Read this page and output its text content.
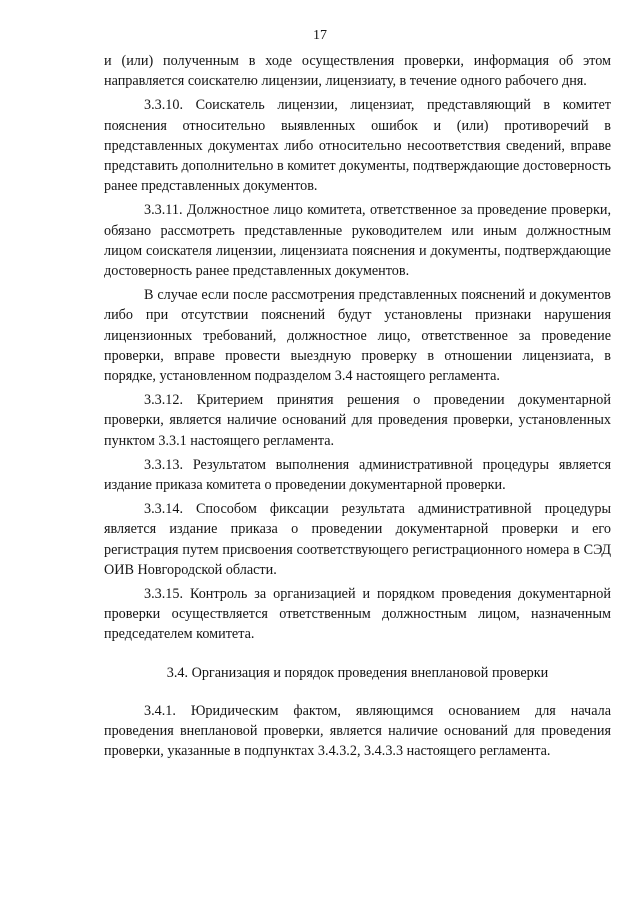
17

и (или) полученным в ходе осуществления проверки, информация об этом направляется соискателю лицензии, лицензиату, в течение одного рабочего дня.

3.3.10. Соискатель лицензии, лицензиат, представляющий в комитет пояснения относительно выявленных ошибок и (или) противоречий в представленных документах либо относительно несоответствия сведений, вправе представить дополнительно в комитет документы, подтверждающие достоверность ранее представленных документов.

3.3.11. Должностное лицо комитета, ответственное за проведение проверки, обязано рассмотреть представленные руководителем или иным должностным лицом соискателя лицензии, лицензиата пояснения и документы, подтверждающие достоверность ранее представленных документов.

В случае если после рассмотрения представленных пояснений и документов либо при отсутствии пояснений будут установлены признаки нарушения лицензионных требований, должностное лицо, ответственное за проведение проверки, вправе провести выездную проверку в отношении лицензиата, в порядке, установленном подразделом 3.4 настоящего регламента.

3.3.12. Критерием принятия решения о проведении документарной проверки, является наличие оснований для проведения проверки, установленных пунктом 3.3.1 настоящего регламента.

3.3.13. Результатом выполнения административной процедуры является издание приказа комитета о проведении документарной проверки.

3.3.14. Способом фиксации результата административной процедуры является издание приказа о проведении документарной проверки и его регистрация путем присвоения соответствующего регистрационного номера в СЭД ОИВ Новгородской области.

3.3.15. Контроль за организацией и порядком проведения документарной проверки осуществляется ответственным должностным лицом, назначенным председателем комитета.

3.4. Организация и порядок проведения внеплановой проверки

3.4.1. Юридическим фактом, являющимся основанием для начала проведения внеплановой проверки, является наличие оснований для проведения проверки, указанные в подпунктах 3.4.3.2, 3.4.3.3 настоящего регламента.
